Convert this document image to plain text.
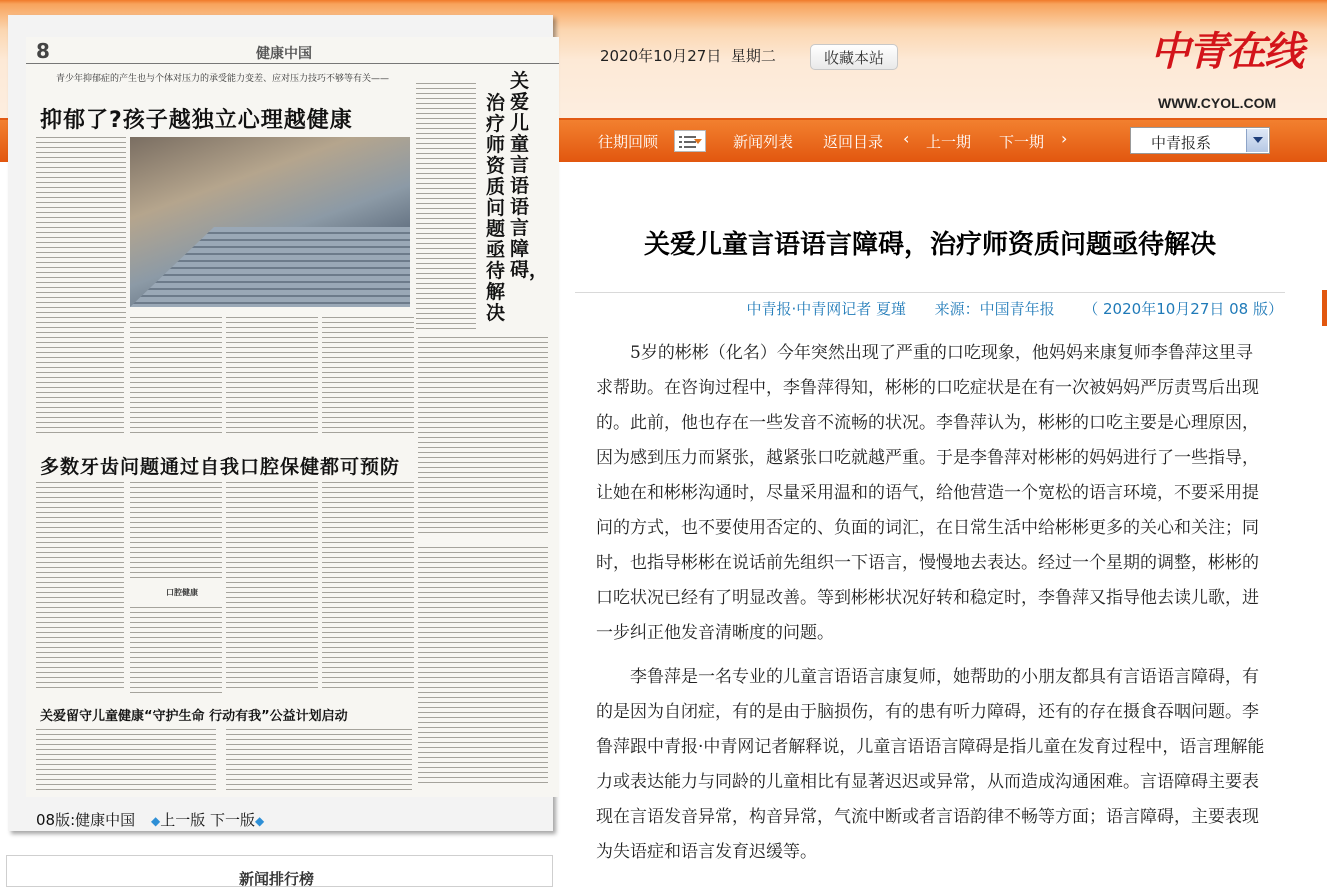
2020年10月27日 星期二	收藏本站	中青在线
WWW.CYOL.COM
往期回顾	新闻列表 返回目录 ‹ 上一期 下一期 ›	中青报系
8	健康中国
青少年抑郁症的产生也与个体对压力的承受能力变差、应对压力技巧不够等有关——
抑郁了?孩子越独立心理越健康
关爱儿童言语语言障碍，
治疗师资质问题亟待解决
多数牙齿问题通过自我口腔保健都可预防
口腔健康
关爱留守儿童健康“守护生命 行动有我”公益计划启动
08版:健康中国 ◆上一版 下一版◆
新闻排行榜
关爱儿童言语语言障碍，治疗师资质问题亟待解决
中青报·中青网记者 夏瑾 来源：中国青年报 （ 2020年10月27日 08 版）
5岁的彬彬（化名）今年突然出现了严重的口吃现象，他妈妈来康复师李鲁萍这里寻求帮助。在咨询过程中，李鲁萍得知，彬彬的口吃症状是在有一次被妈妈严厉责骂后出现的。此前，他也存在一些发音不流畅的状况。李鲁萍认为，彬彬的口吃主要是心理原因，因为感到压力而紧张，越紧张口吃就越严重。于是李鲁萍对彬彬的妈妈进行了一些指导，让她在和彬彬沟通时，尽量采用温和的语气，给他营造一个宽松的语言环境，不要采用提问的方式，也不要使用否定的、负面的词汇，在日常生活中给彬彬更多的关心和关注；同时，也指导彬彬在说话前先组织一下语言，慢慢地去表达。经过一个星期的调整，彬彬的口吃状况已经有了明显改善。等到彬彬状况好转和稳定时，李鲁萍又指导他去读儿歌，进一步纠正他发音清晰度的问题。
李鲁萍是一名专业的儿童言语语言康复师，她帮助的小朋友都具有言语语言障碍，有的是因为自闭症，有的是由于脑损伤，有的患有听力障碍，还有的存在摄食吞咽问题。李鲁萍跟中青报·中青网记者解释说，儿童言语语言障碍是指儿童在发育过程中，语言理解能力或表达能力与同龄的儿童相比有显著迟迟或异常，从而造成沟通困难。言语障碍主要表现在言语发音异常，构音异常，气流中断或者言语韵律不畅等方面；语言障碍，主要表现为失语症和语言发育迟缓等。
